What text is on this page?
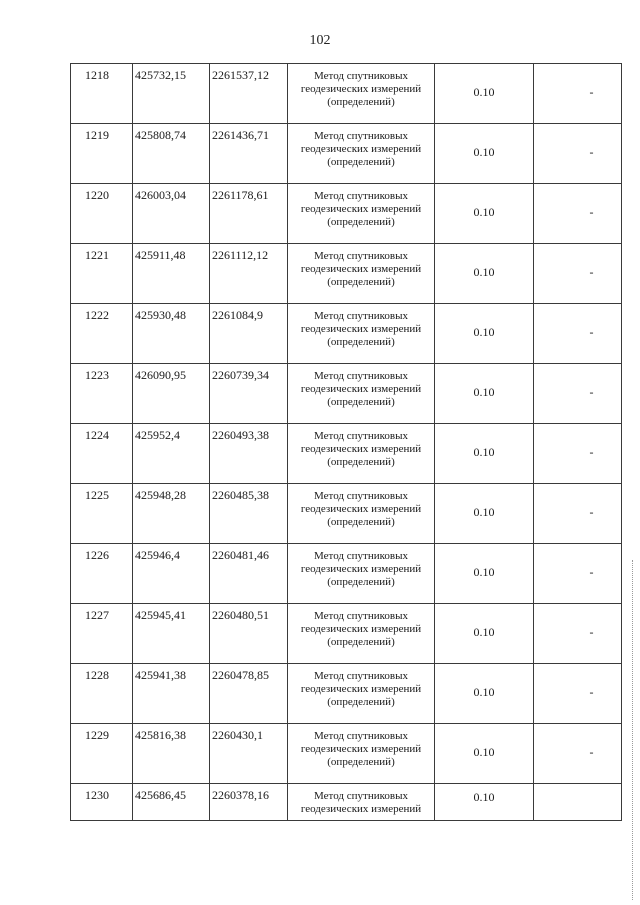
102
1218	425732,15	2261537,12	Метод спутниковых геодезических измерений (определений)	0.10	-

1219	425808,74	2261436,71	Метод спутниковых геодезических измерений (определений)	0.10	-

1220	426003,04	2261178,61	Метод спутниковых геодезических измерений (определений)	0.10	-

1221	425911,48	2261112,12	Метод спутниковых геодезических измерений (определений)	0.10	-

1222	425930,48	2261084,9	Метод спутниковых геодезических измерений (определений)	0.10	-

1223	426090,95	2260739,34	Метод спутниковых геодезических измерений (определений)	0.10	-

1224	425952,4	2260493,38	Метод спутниковых геодезических измерений (определений)	0.10	-

1225	425948,28	2260485,38	Метод спутниковых геодезических измерений (определений)	0.10	-

1226	425946,4	2260481,46	Метод спутниковых геодезических измерений (определений)	0.10	-

1227	425945,41	2260480,51	Метод спутниковых геодезических измерений (определений)	0.10	-

1228	425941,38	2260478,85	Метод спутниковых геодезических измерений (определений)	0.10	-

1229	425816,38	2260430,1	Метод спутниковых геодезических измерений (определений)	0.10	-

1230	425686,45	2260378,16	Метод спутниковых геодезических измерений	0.10	
